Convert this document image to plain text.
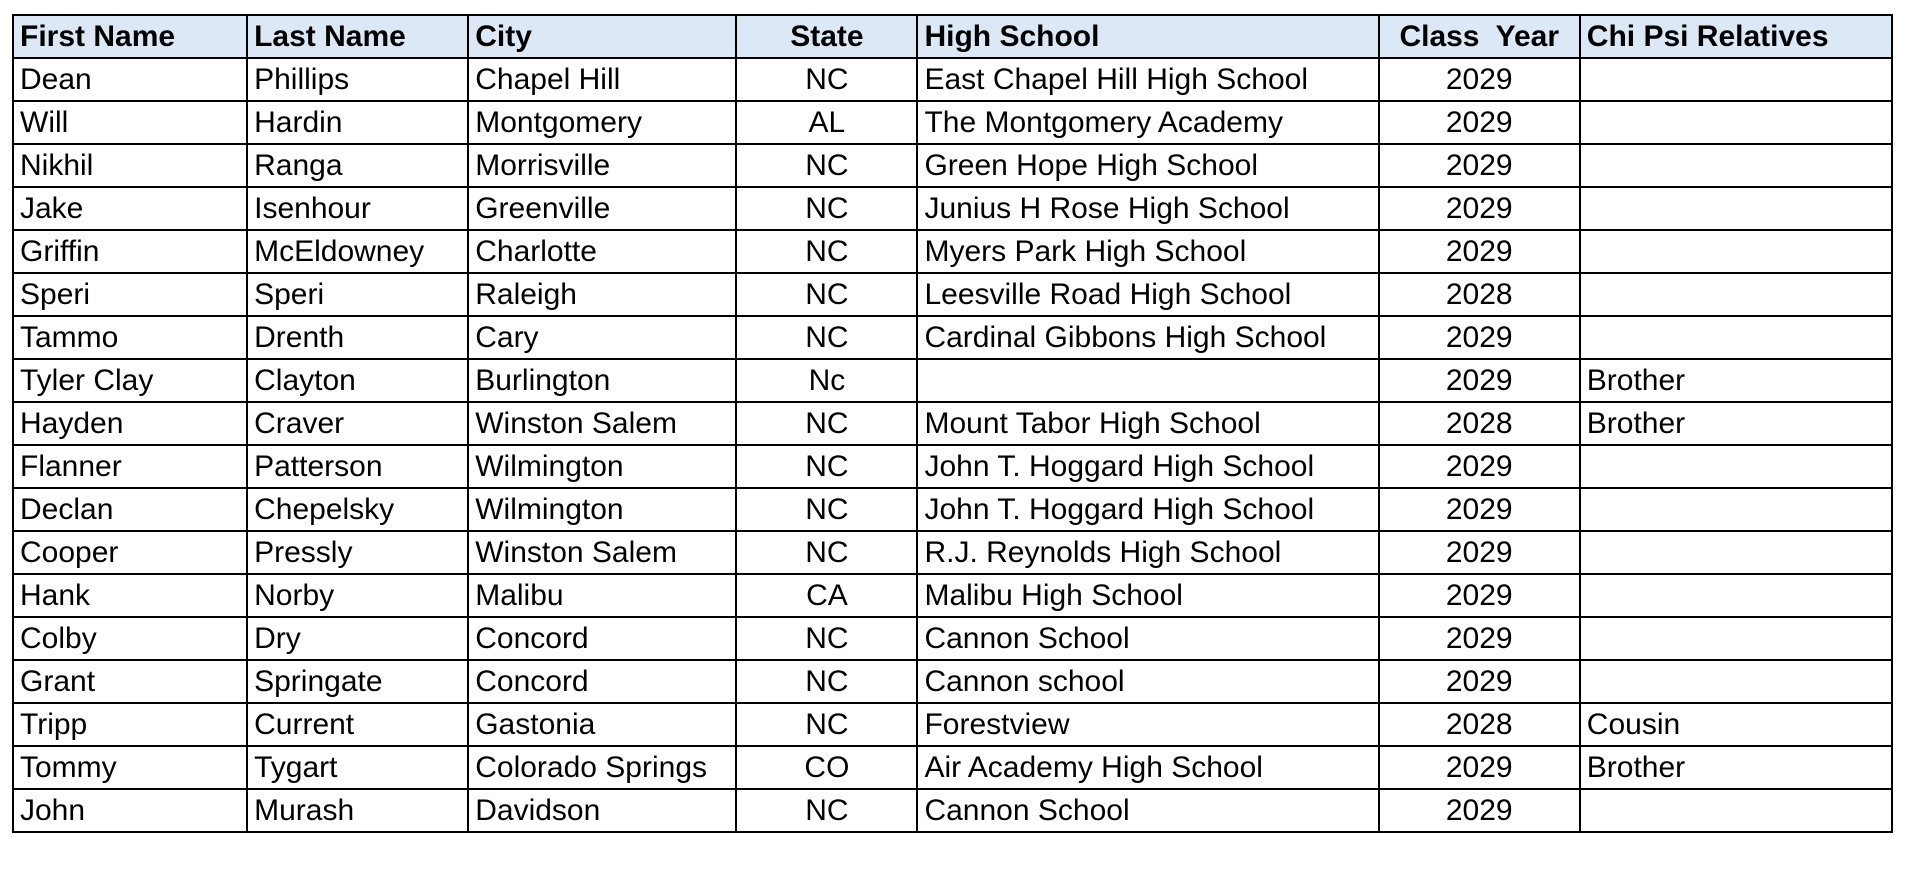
First Name	Last Name	City	State	High School	Class  Year	Chi Psi Relatives
Dean	Phillips	Chapel Hill	NC	East Chapel Hill High School	2029	
Will	Hardin	Montgomery	AL	The Montgomery Academy	2029	
Nikhil	Ranga	Morrisville	NC	Green Hope High School	2029	
Jake	Isenhour	Greenville	NC	Junius H Rose High School	2029	
Griffin	McEldowney	Charlotte	NC	Myers Park High School	2029	
Speri	Speri	Raleigh	NC	Leesville Road High School	2028	
Tammo	Drenth	Cary	NC	Cardinal Gibbons High School	2029	
Tyler Clay	Clayton	Burlington	Nc		2029	Brother
Hayden	Craver	Winston Salem	NC	Mount Tabor High School	2028	Brother
Flanner	Patterson	Wilmington	NC	John T. Hoggard High School	2029	
Declan	Chepelsky	Wilmington	NC	John T. Hoggard High School	2029	
Cooper	Pressly	Winston Salem	NC	R.J. Reynolds High School	2029	
Hank	Norby	Malibu	CA	Malibu High School	2029	
Colby	Dry	Concord	NC	Cannon School	2029	
Grant	Springate	Concord	NC	Cannon school	2029	
Tripp	Current	Gastonia	NC	Forestview	2028	Cousin
Tommy	Tygart	Colorado Springs	CO	Air Academy High School	2029	Brother
John	Murash	Davidson	NC	Cannon School	2029	
